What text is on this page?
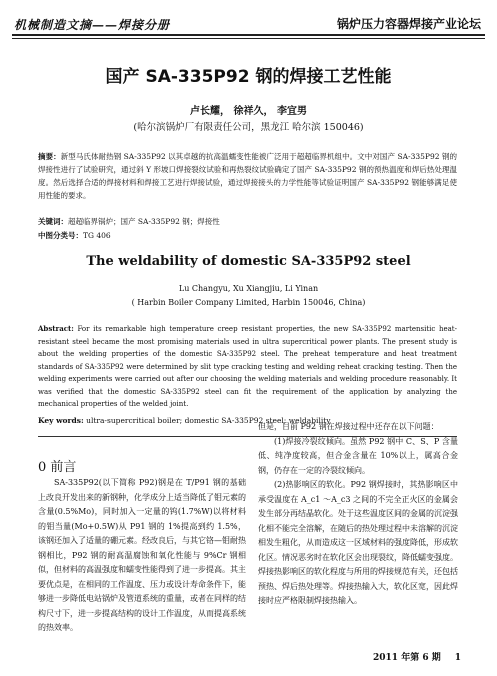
机械制造文摘——焊接分册	锅炉压力容器焊接产业论坛
国产 SA-335P92 钢的焊接工艺性能
卢长耀， 徐祥久， 李宜男
(哈尔滨锅炉厂有限责任公司，黑龙江 哈尔滨 150046)
摘要：新型马氏体耐热钢 SA-335P92 以其卓越的抗高温蠕变性能被广泛用于超超临界机组中。文中对国产 SA-335P92 钢的焊接性进行了试验研究，通过斜 Y 形坡口焊接裂纹试验和再热裂纹试验确定了国产 SA-335P92 钢的预热温度和焊后热处理温度。然后选择合适的焊接材料和焊接工艺进行焊接试验，通过焊接接头的力学性能等试验证明国产 SA-335P92 钢能够满足使用性能的要求。
关键词：超超临界锅炉；国产 SA-335P92 钢；焊接性
中图分类号：TG 406
The weldability of domestic SA-335P92 steel
Lu Changyu, Xu Xiangjiu, Li Yinan
( Harbin Boiler Company Limited, Harbin 150046, China)
Abstract: For its remarkable high temperature creep resistant properties, the new SA-335P92 martensitic heat-resistant steel became the most promising materials used in ultra supercritical power plants. The present study is about the welding properties of the domestic SA-335P92 steel. The preheat temperature and heat treatment standards of SA-335P92 were determined by slit type cracking testing and welding reheat cracking testing. Then the welding experiments were carried out after our choosing the welding materials and welding procedure reasonably. It was verified that the domestic SA-335P92 steel can fit the requirement of the application by analyzing the mechanical properties of the welded joint.
Key words: ultra-supercritical boiler; domestic SA-335P92 steel; weldability
0 前言
SA-335P92(以下简称 P92)钢是在 T/P91 钢的基础上改良开发出来的新钢种，化学成分上适当降低了钼元素的含量(0.5%Mo)，同时加入一定量的钨(1.7%W)以将材料的钼当量(Mo+0.5W)从 P91 钢的 1%提高到约 1.5%，该钢还加入了适量的硼元素。经改良后，与其它铬—钼耐热钢相比，P92 钢的耐高温腐蚀和氧化性能与 9%Cr 钢相似，但材料的高温强度和蠕变性能得到了进一步提高。其主要优点是，在相同的工作温度、压力或设计寿命条件下，能够进一步降低电站锅炉及管道系统的重量，或者在同样的结构尺寸下，进一步提高结构的设计工作温度，从而提高系统的热效率。

但是，目前 P92 钢在焊接过程中还存在以下问题：

(1)焊接冷裂纹倾向。虽然 P92 钢中 C、S、P 含量低、纯净度较高，但合金含量在 10%以上，属高合金钢，仍存在一定的冷裂纹倾向。

(2)热影响区的软化。P92 钢焊接时，其热影响区中承受温度在 A_c1 ～A_c3 之间的不完全正火区的金属会发生部分再结晶软化。处于这些温度区间的金属的沉淀强化相不能完全溶解，在随后的热处理过程中未溶解的沉淀相发生粗化，从而造成这一区域材料的强度降低，形成软化区。情况恶劣时在软化区会出现裂纹，降低蠕变强度。焊接热影响区的软化程度与所用的焊接规范有关，还包括预热、焊后热处理等。焊接热输入大，软化区宽，因此焊接时应严格限制焊接热输入。

2011 年第 6 期 1
